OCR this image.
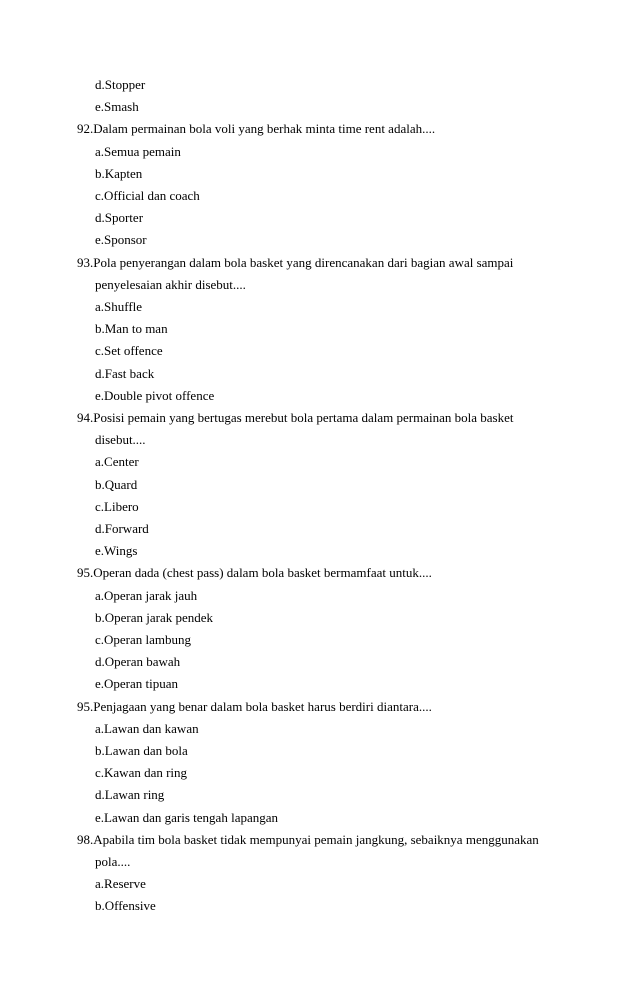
d.Stopper
e.Smash
92.Dalam permainan bola voli yang berhak minta time rent adalah....
a.Semua pemain
b.Kapten
c.Official dan coach
d.Sporter
e.Sponsor
93.Pola penyerangan dalam bola basket yang direncanakan dari bagian awal sampai
penyelesaian akhir disebut....
a.Shuffle
b.Man to man
c.Set offence
d.Fast back
e.Double pivot offence
94.Posisi pemain yang bertugas merebut bola pertama dalam permainan bola basket
disebut....
a.Center
b.Quard
c.Libero
d.Forward
e.Wings
95.Operan dada (chest pass) dalam bola basket bermamfaat untuk....
a.Operan jarak jauh
b.Operan jarak pendek
c.Operan lambung
d.Operan bawah
e.Operan tipuan
95.Penjagaan yang benar dalam bola basket harus berdiri diantara....
a.Lawan dan kawan
b.Lawan dan bola
c.Kawan dan ring
d.Lawan ring
e.Lawan dan garis tengah lapangan
98.Apabila tim bola basket tidak mempunyai pemain jangkung, sebaiknya menggunakan
pola....
a.Reserve
b.Offensive
